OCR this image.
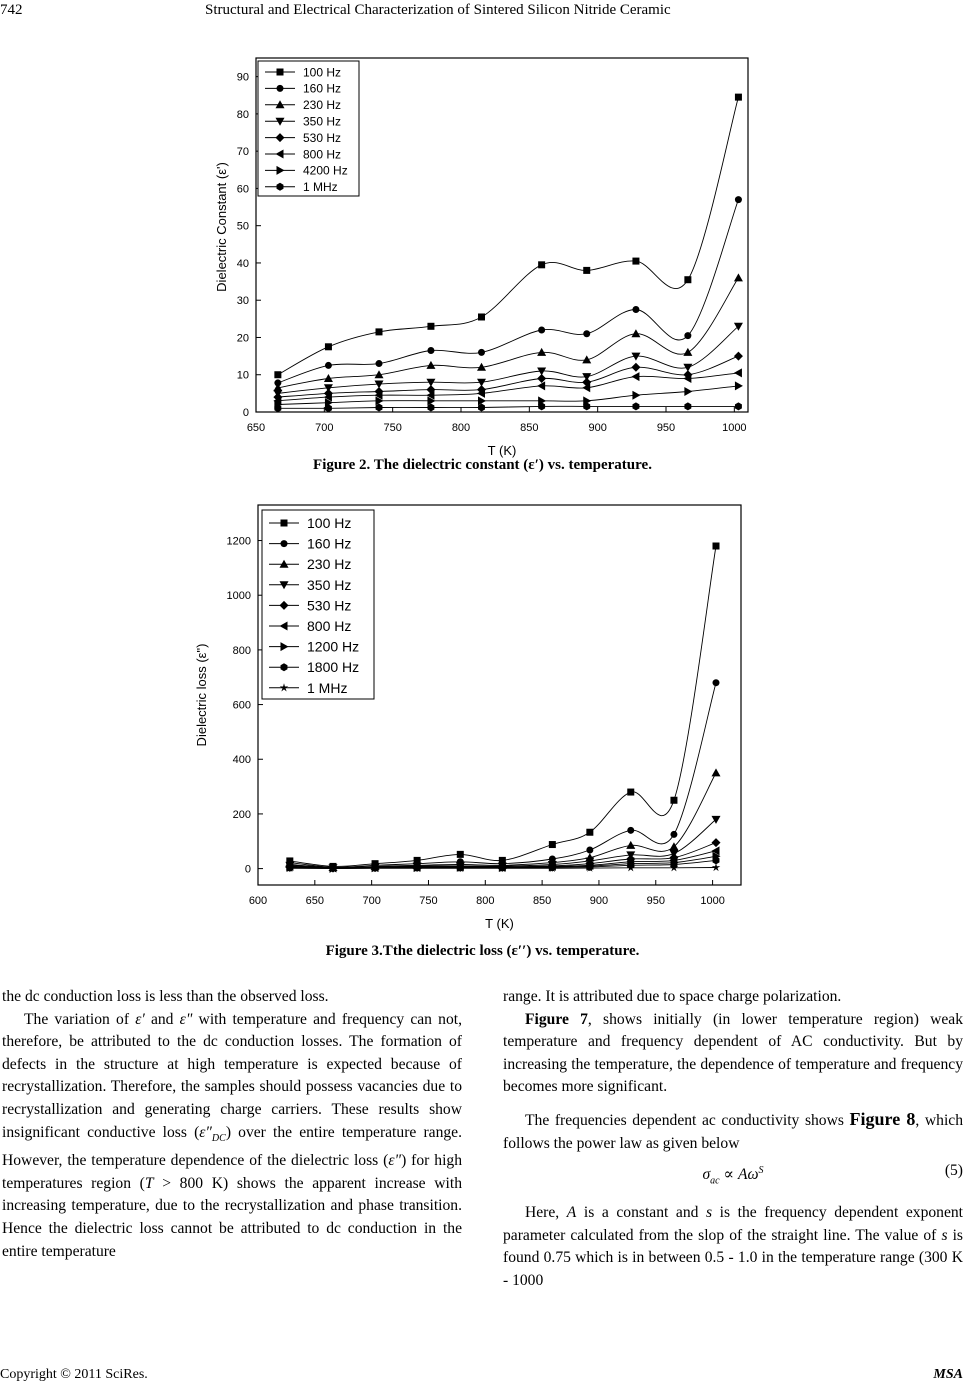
742	Structural and Electrical Characterization of Sintered Silicon Nitride Ceramic
650	700	750	800	850	900	950	1000
0
10
20
30
40
50
60
70
80
90
T (K)
Dielectric Constant (ε')
100 Hz
160 Hz
230 Hz
350 Hz
530 Hz
800 Hz
4200 Hz
1 MHz
Figure 2. The dielectric constant (ε′) vs. temperature.
600	650	700	750	800	850	900	950	1000
0
200
400
600
800
1000
1200
T (K)
Dielectric loss (ε")
100 Hz
160 Hz
230 Hz
350 Hz
530 Hz
800 Hz
1200 Hz
1800 Hz
1 MHz
Figure 3.Tthe dielectric loss (ε′′) vs. temperature.

the dc conduction loss is less than the observed loss.

The variation of ε′ and ε" with temperature and frequency can not, therefore, be attributed to the dc conduction losses. The formation of defects in the structure at high temperature is expected because of recrystallization. Therefore, the samples should possess vacancies due to recrystallization and generating charge carriers. These results show insignificant conductive loss $(\varepsilon''_{DC})$ over the entire temperature range. However, the temperature dependence of the dielectric loss (ε") for high temperatures region (T > 800 K) shows the apparent increase with increasing temperature, due to the recrystallization and phase transition. Hence the dielectric loss cannot be attributed to dc conduction in the entire temperature

range. It is attributed due to space charge polarization.

Figure 7, shows initially (in lower temperature region) weak temperature and frequency dependent of AC conductivity. But by increasing the temperature, the dependence of temperature and frequency becomes more significant.

The frequencies dependent ac conductivity shows Figure 8, which follows the power law as given below

$\sigma_{ac} \propto A\omega^S$	(5)

Here, A is a constant and s is the frequency dependent exponent parameter calculated from the slop of the straight line. The value of s is found 0.75 which is in between 0.5 - 1.0 in the temperature range (300 K - 1000

Copyright © 2011 SciRes.	MSA
